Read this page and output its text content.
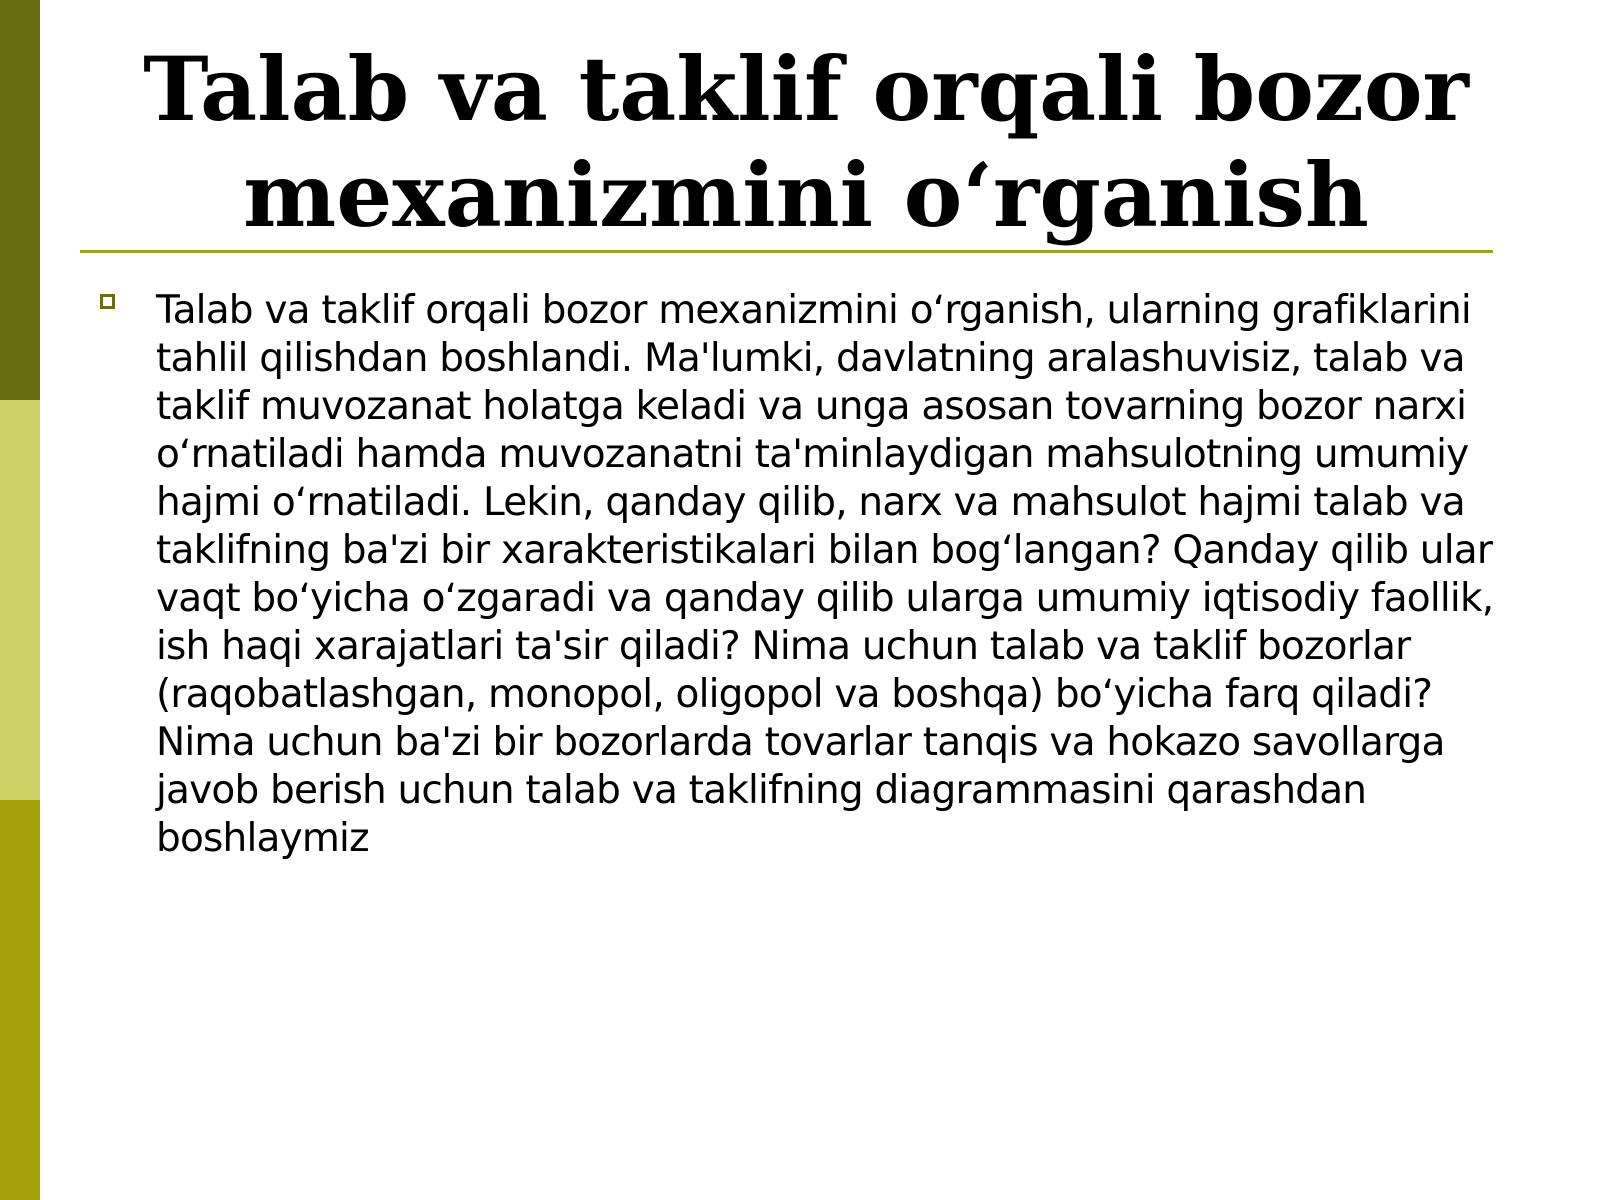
Talab va taklif orqali bozor mexanizmini o‘rganish

Talab va taklif orqali bozor mexanizmini o‘rganish, ularning grafiklarini tahlil qilishdan boshlandi. Ma'lumki, davlatning aralashuvisiz, talab va taklif muvozanat holatga keladi va unga asosan tovarning bozor narxi o‘rnatiladi hamda muvozanatni ta'minlaydigan mahsulotning umumiy hajmi o‘rnatiladi. Lekin, qanday qilib, narx va mahsulot hajmi talab va taklifning ba'zi bir xarakteristikalari bilan bog‘langan? Qanday qilib ular vaqt bo‘yicha o‘zgaradi va qanday qilib ularga umumiy iqtisodiy faollik, ish haqi xarajatlari ta'sir qiladi? Nima uchun talab va taklif bozorlar (raqobatlashgan, monopol, oligopol va boshqa) bo‘yicha farq qiladi? Nima uchun ba'zi bir bozorlarda tovarlar tanqis va hokazo savollarga javob berish uchun talab va taklifning diagrammasini qarashdan boshlaymiz
